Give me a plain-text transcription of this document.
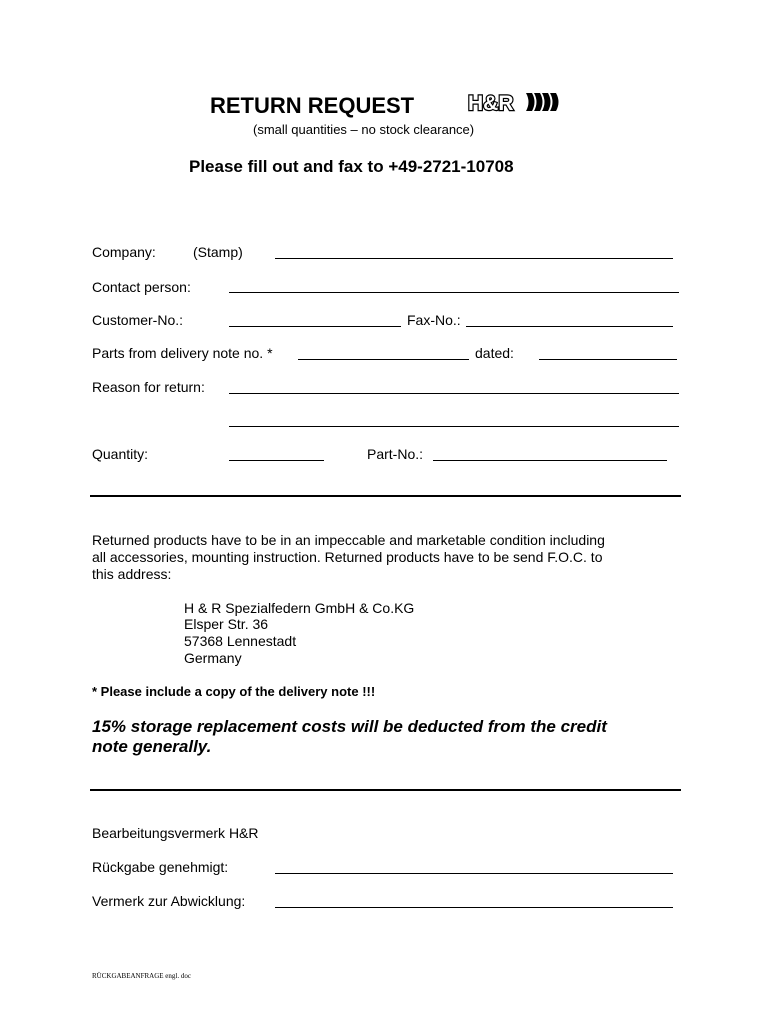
RETURN REQUEST	H&R
(small quantities – no stock clearance)
Please fill out and fax to +49-2721-10708
Company:	(Stamp)
Contact person:
Customer-No.:	Fax-No.:
Parts from delivery note no. *	dated:
Reason for return:
Quantity:	Part-No.:
Returned products have to be in an impeccable and marketable condition including
all accessories, mounting instruction. Returned products have to be send F.O.C. to
this address:
H & R Spezialfedern GmbH & Co.KG
Elsper Str. 36
57368 Lennestadt
Germany
* Please include a copy of the delivery note !!!
15% storage replacement costs will be deducted from the credit
note generally.
Bearbeitungsvermerk H&R
Rückgabe genehmigt:
Vermerk zur Abwicklung:
RÜCKGABEANFRAGE engl. doc
